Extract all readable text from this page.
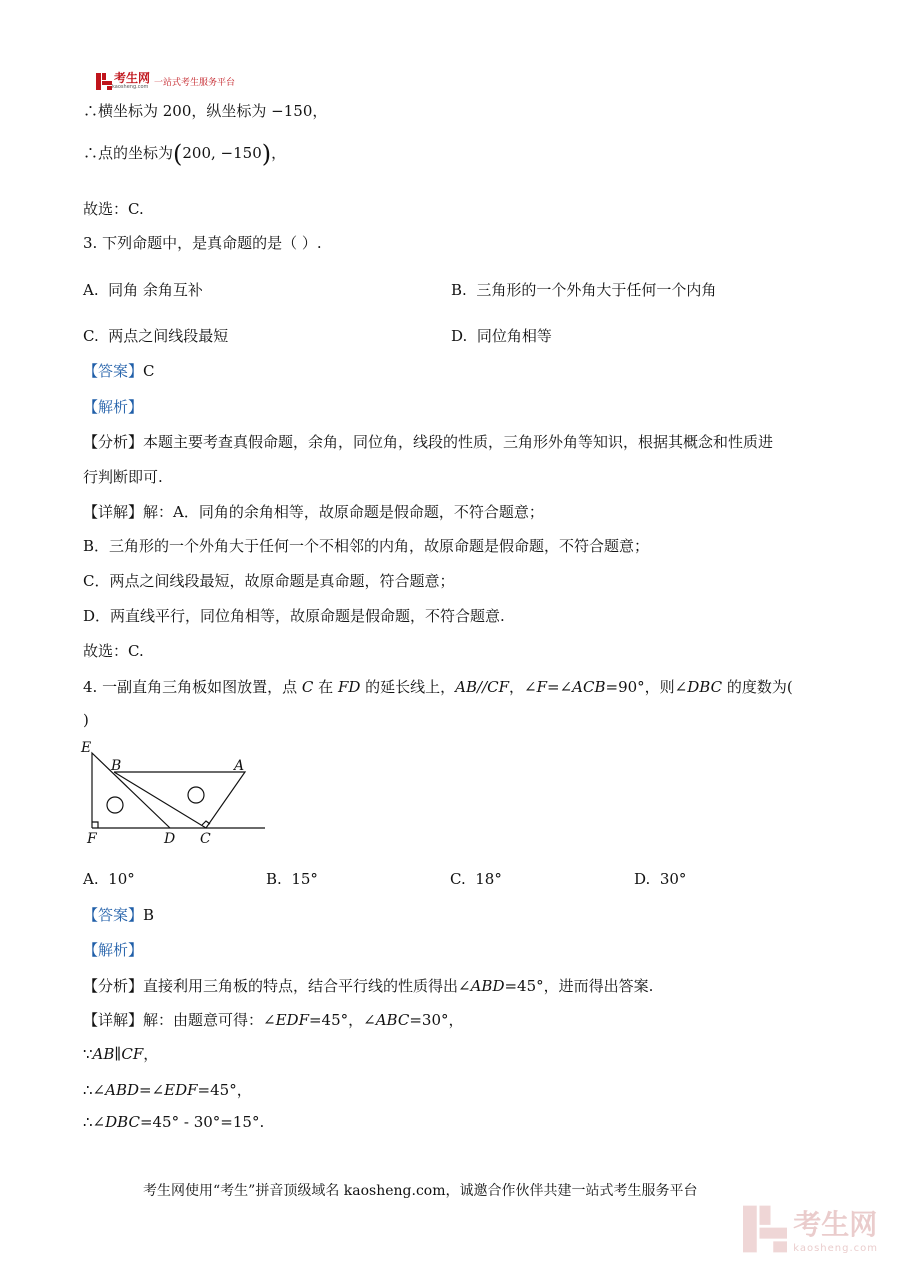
考生网
kaosheng.com 一站式考生服务平台
∴横坐标为 200，纵坐标为 −150，
∴点的坐标为(200, −150)，
故选：C.
3. 下列命题中，是真命题的是（ ）.
A. 同角 余角互补	B. 三角形的一个外角大于任何一个内角
C. 两点之间线段最短	D. 同位角相等
【答案】C
【解析】
【分析】本题主要考查真假命题，余角，同位角，线段的性质，三角形外角等知识，根据其概念和性质进
行判断即可.
【详解】解：A．同角的余角相等，故原命题是假命题，不符合题意；
B．三角形的一个外角大于任何一个不相邻的内角，故原命题是假命题，不符合题意；
C．两点之间线段最短，故原命题是真命题，符合题意；
D．两直线平行，同位角相等，故原命题是假命题，不符合题意.
故选：C.
4. 一副直角三角板如图放置，点 C 在 FD 的延长线上，AB//CF，∠F=∠ACB=90°，则∠DBC 的度数为(
)
E
B	A
F	D C
A. 10°	B. 15°	C. 18°	D. 30°
【答案】B
【解析】
【分析】直接利用三角板的特点，结合平行线的性质得出∠ABD=45°，进而得出答案.
【详解】解：由题意可得：∠EDF=45°，∠ABC=30°，
∵AB∥CF，
∴∠ABD=∠EDF=45°，
∴∠DBC=45° - 30°=15°.
考生网使用“考生”拼音顶级域名 kaosheng.com，诚邀合作伙伴共建一站式考生服务平台
考生网
kaosheng.com
